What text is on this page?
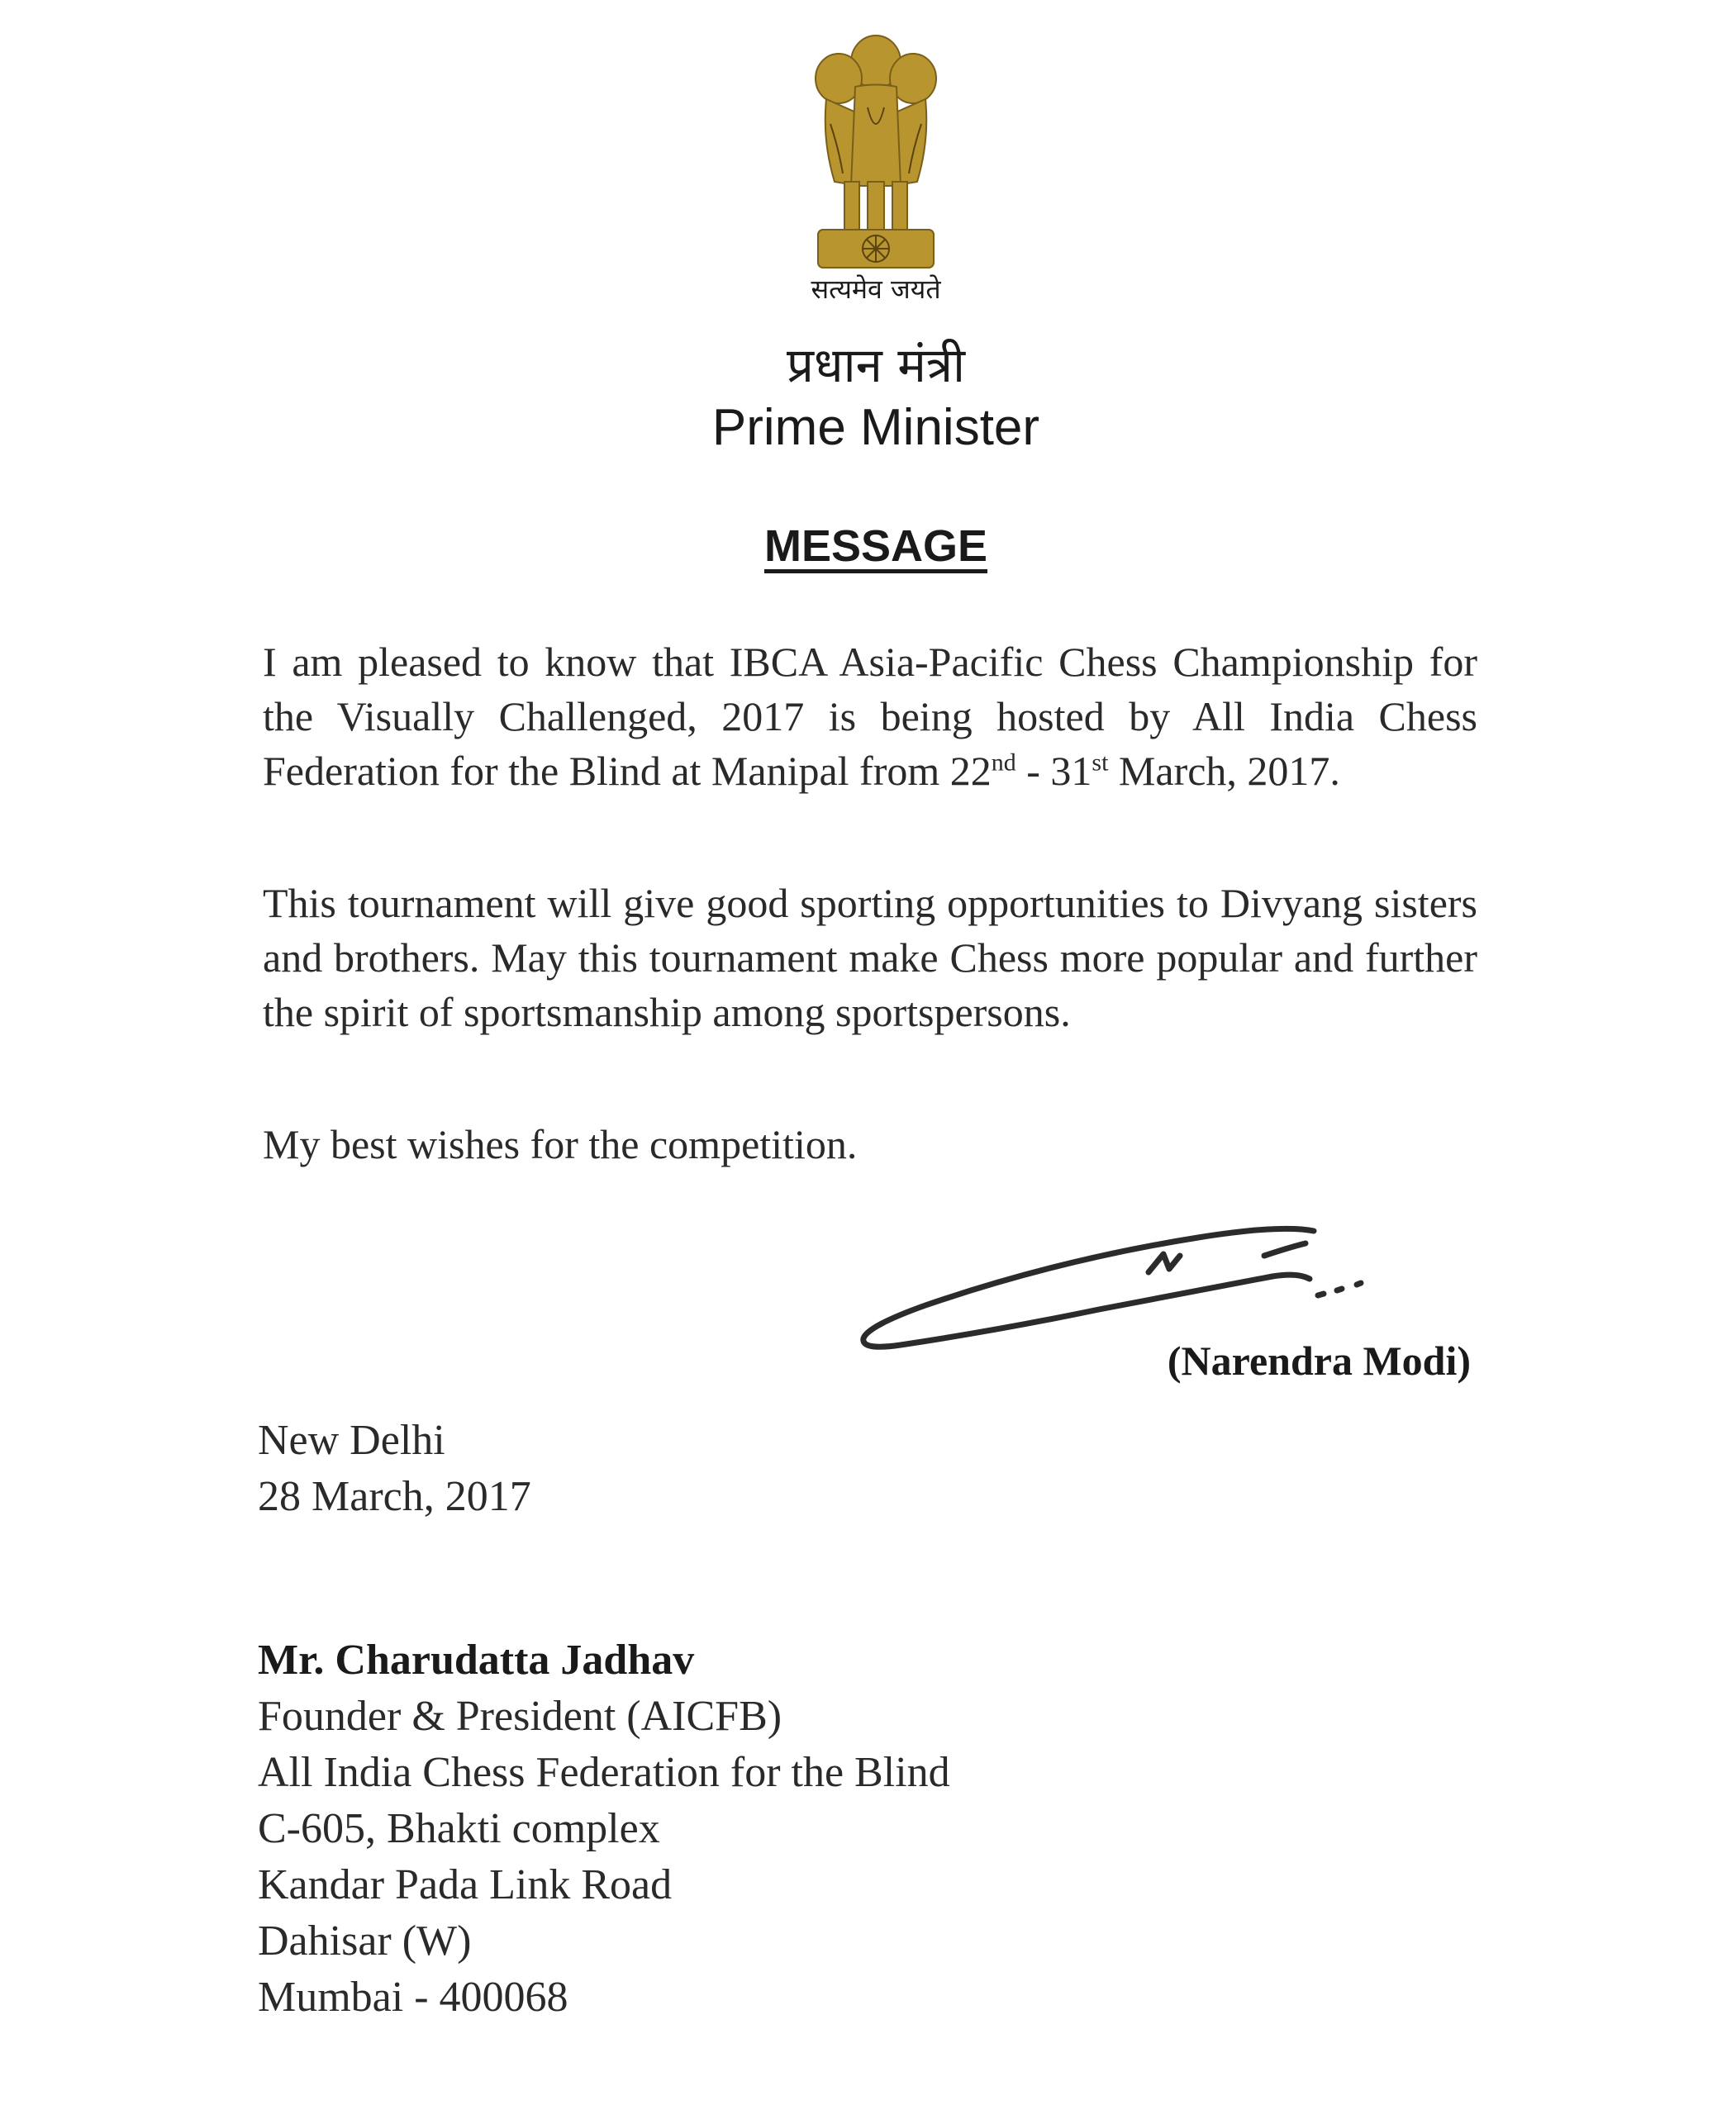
सत्यमेव जयते
प्रधान मंत्री
Prime Minister
MESSAGE

I am pleased to know that IBCA Asia-Pacific Chess Championship for the Visually Challenged, 2017 is being hosted by All India Chess Federation for the Blind at Manipal from 22nd - 31st March, 2017.

This tournament will give good sporting opportunities to Divyang sisters and brothers. May this tournament make Chess more popular and further the spirit of sportsmanship among sportspersons.

My best wishes for the competition.

(Narendra Modi)
New Delhi
28 March, 2017
Mr. Charudatta Jadhav
Founder & President (AICFB)
All India Chess Federation for the Blind
C-605, Bhakti complex
Kandar Pada Link Road
Dahisar (W)
Mumbai - 400068
